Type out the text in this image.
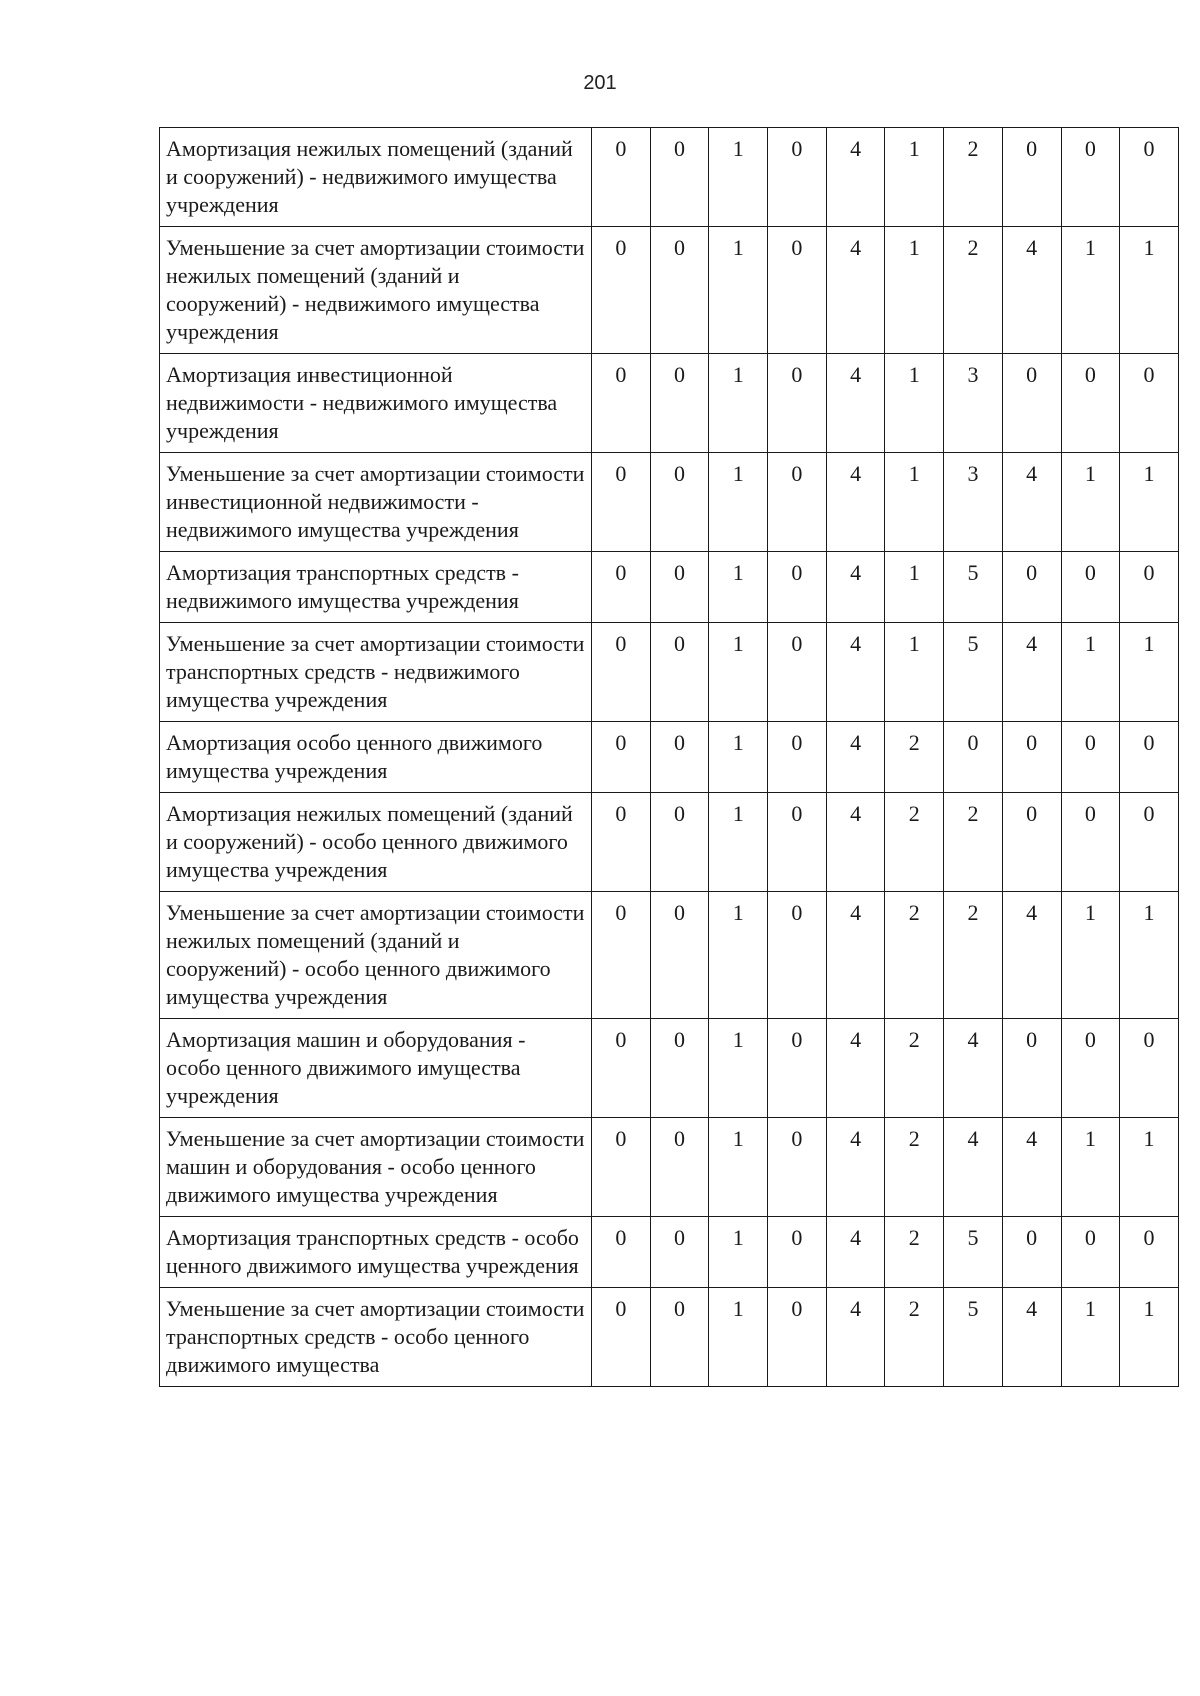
201
Амортизация нежилых помещений (зданий и сооружений) - недвижимого имущества учреждения	0	0	1	0	4	1	2	0	0	0
Уменьшение за счет амортизации стоимости нежилых помещений (зданий и сооружений) - недвижимого имущества учреждения	0	0	1	0	4	1	2	4	1	1
Амортизация инвестиционной недвижимости - недвижимого имущества учреждения	0	0	1	0	4	1	3	0	0	0
Уменьшение за счет амортизации стоимости инвестиционной недвижимости - недвижимого имущества учреждения	0	0	1	0	4	1	3	4	1	1
Амортизация транспортных средств - недвижимого имущества учреждения	0	0	1	0	4	1	5	0	0	0
Уменьшение за счет амортизации стоимости транспортных средств - недвижимого имущества учреждения	0	0	1	0	4	1	5	4	1	1
Амортизация особо ценного движимого имущества учреждения	0	0	1	0	4	2	0	0	0	0
Амортизация нежилых помещений (зданий и сооружений) - особо ценного движимого имущества учреждения	0	0	1	0	4	2	2	0	0	0
Уменьшение за счет амортизации стоимости нежилых помещений (зданий и сооружений) - особо ценного движимого имущества учреждения	0	0	1	0	4	2	2	4	1	1
Амортизация машин и оборудования - особо ценного движимого имущества учреждения	0	0	1	0	4	2	4	0	0	0
Уменьшение за счет амортизации стоимости машин и оборудования - особо ценного движимого имущества учреждения	0	0	1	0	4	2	4	4	1	1
Амортизация транспортных средств - особо ценного движимого имущества учреждения	0	0	1	0	4	2	5	0	0	0
Уменьшение за счет амортизации стоимости транспортных средств - особо ценного движимого имущества	0	0	1	0	4	2	5	4	1	1
